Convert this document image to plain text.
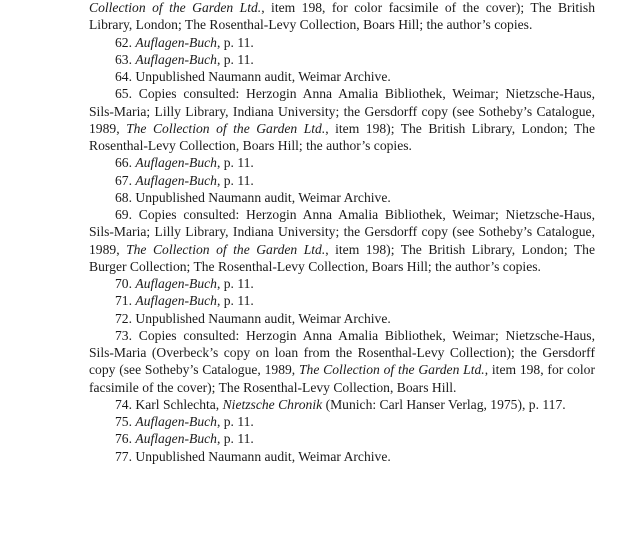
Collection of the Garden Ltd., item 198, for color facsimile of the cover); The British Library, London; The Rosenthal-Levy Collection, Boars Hill; the author’s copies.

62. Auflagen-Buch, p. 11.

63. Auflagen-Buch, p. 11.

64. Unpublished Naumann audit, Weimar Archive.

65. Copies consulted: Herzogin Anna Amalia Bibliothek, Weimar; Nietzsche-Haus, Sils-Maria; Lilly Library, Indiana University; the Gersdorff copy (see Sotheby’s Catalogue, 1989, The Collection of the Garden Ltd., item 198); The British Library, London; The Rosenthal-Levy Collection, Boars Hill; the author’s copies.

66. Auflagen-Buch, p. 11.

67. Auflagen-Buch, p. 11.

68. Unpublished Naumann audit, Weimar Archive.

69. Copies consulted: Herzogin Anna Amalia Bibliothek, Weimar; Nietzsche-Haus, Sils-Maria; Lilly Library, Indiana University; the Gersdorff copy (see Sotheby’s Catalogue, 1989, The Collection of the Garden Ltd., item 198); The British Library, London; The Burger Collection; The Rosenthal-Levy Collection, Boars Hill; the author’s copies.

70. Auflagen-Buch, p. 11.

71. Auflagen-Buch, p. 11.

72. Unpublished Naumann audit, Weimar Archive.

73. Copies consulted: Herzogin Anna Amalia Bibliothek, Weimar; Nietzsche-Haus, Sils-Maria (Overbeck’s copy on loan from the Rosenthal-Levy Collection); the Gersdorff copy (see Sotheby’s Catalogue, 1989, The Collection of the Garden Ltd., item 198, for color facsimile of the cover); The Rosenthal-Levy Collection, Boars Hill.

74. Karl Schlechta, Nietzsche Chronik (Munich: Carl Hanser Verlag, 1975), p. 117.

75. Auflagen-Buch, p. 11.

76. Auflagen-Buch, p. 11.

77. Unpublished Naumann audit, Weimar Archive.
